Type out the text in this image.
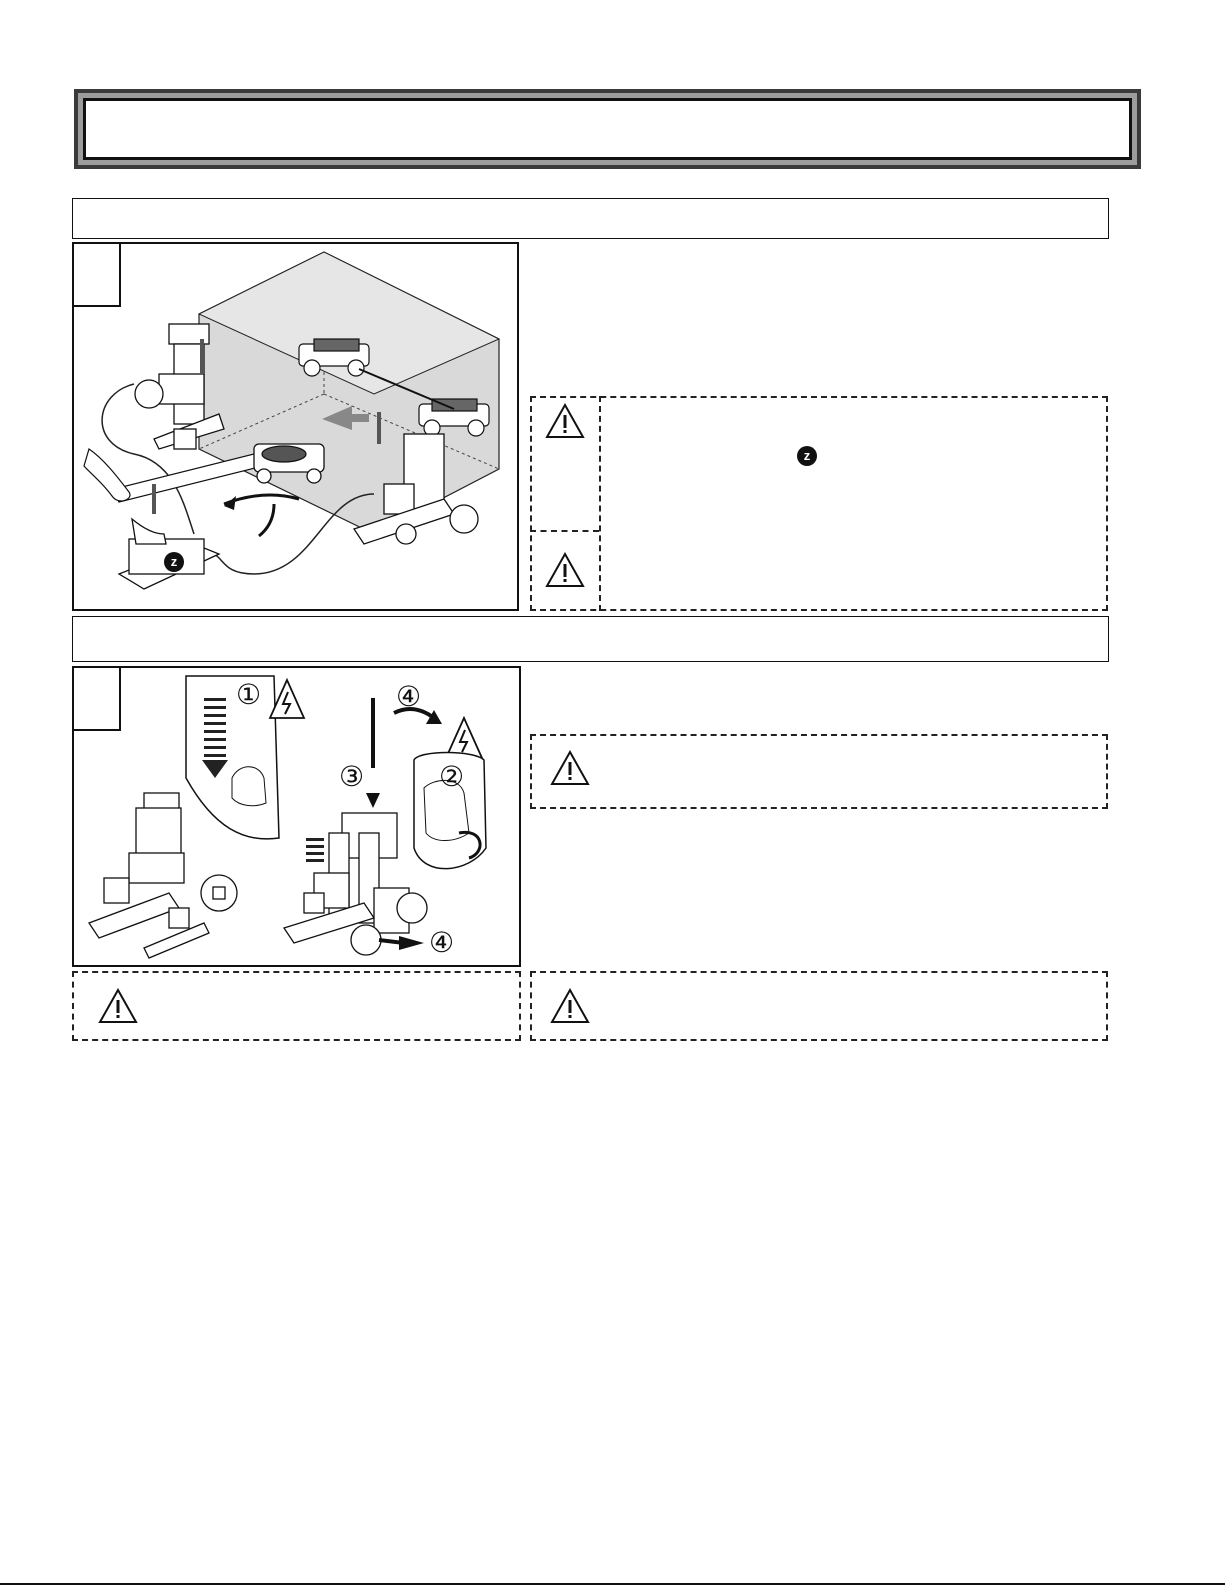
z
z
①
②
③
④
④
